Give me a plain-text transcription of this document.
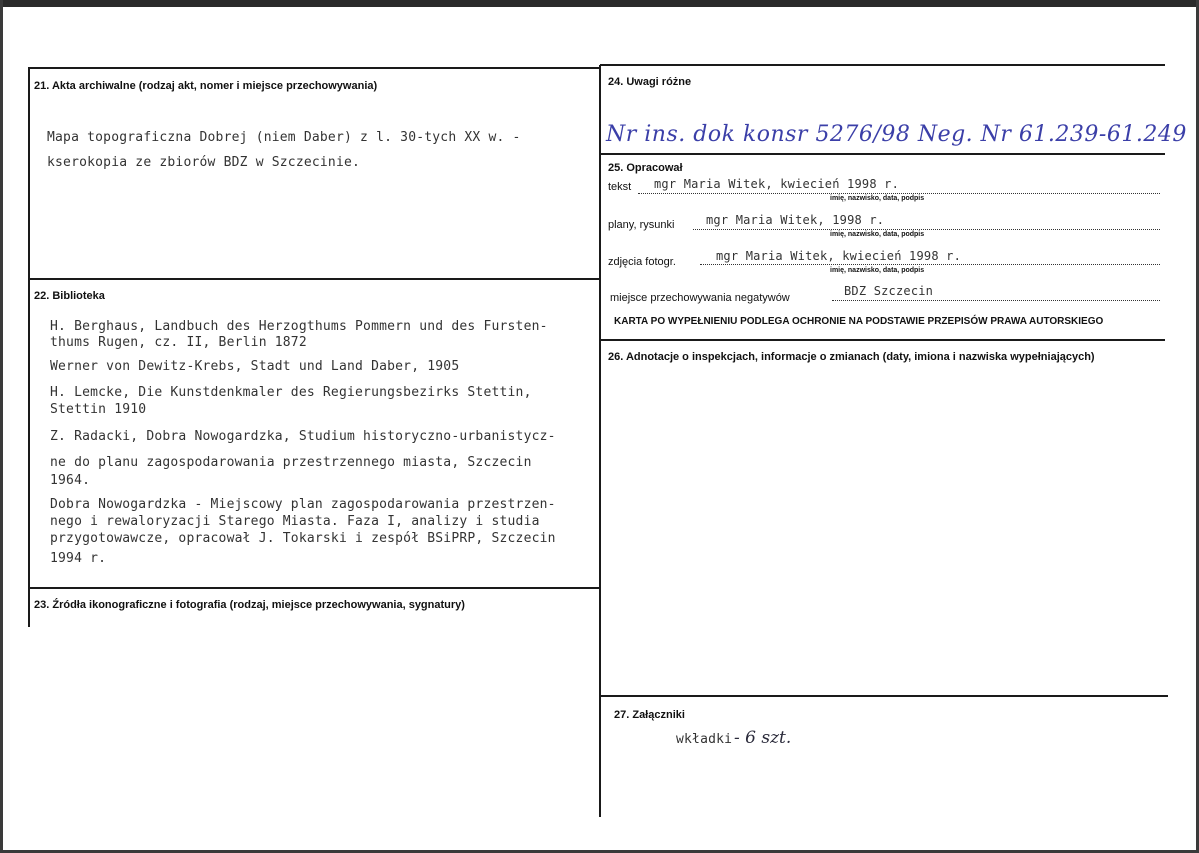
21. Akta archiwalne (rodzaj akt, nomer i miejsce przechowywania)
Mapa topograficzna Dobrej (niem Daber) z l. 30-tych XX w. -
kserokopia ze zbiorów BDZ w Szczecinie.
22. Biblioteka
H. Berghaus, Landbuch des Herzogthums Pommern und des Fursten-
thums Rugen, cz. II, Berlin 1872
Werner von Dewitz-Krebs, Stadt und Land Daber, 1905
H. Lemcke, Die Kunstdenkmaler des Regierungsbezirks Stettin,
Stettin 1910
Z. Radacki, Dobra Nowogardzka, Studium historyczno-urbanistycz-
ne do planu zagospodarowania przestrzennego miasta, Szczecin
1964.
Dobra Nowogardzka - Miejscowy plan zagospodarowania przestrzen-
nego i rewaloryzacji Starego Miasta. Faza I, analizy i studia
przygotowawcze, opracował J. Tokarski i zespół BSiPRP, Szczecin
1994 r.
23. Źródła ikonograficzne i fotografia (rodzaj, miejsce przechowywania, sygnatury)
24. Uwagi różne
Nr ins. dok konsr 5276/98 Neg. Nr 61.239-61.249
25. Opracował
tekst mgr Maria Witek, kwiecień 1998 r.
imię, nazwisko, data, podpis
plany, rysunki	mgr Maria Witek, 1998 r.
imię, nazwisko, data, podpis
zdjęcia fotogr.	mgr Maria Witek, kwiecień 1998 r.
imię, nazwisko, data, podpis
miejsce przechowywania negatywów	BDZ Szczecin
KARTA PO WYPEŁNIENIU PODLEGA OCHRONIE NA PODSTAWIE PRZEPISÓW PRAWA AUTORSKIEGO
26. Adnotacje o inspekcjach, informacje o zmianach (daty, imiona i nazwiska wypełniających)
27. Załączniki
wkładki - 6 szt.
